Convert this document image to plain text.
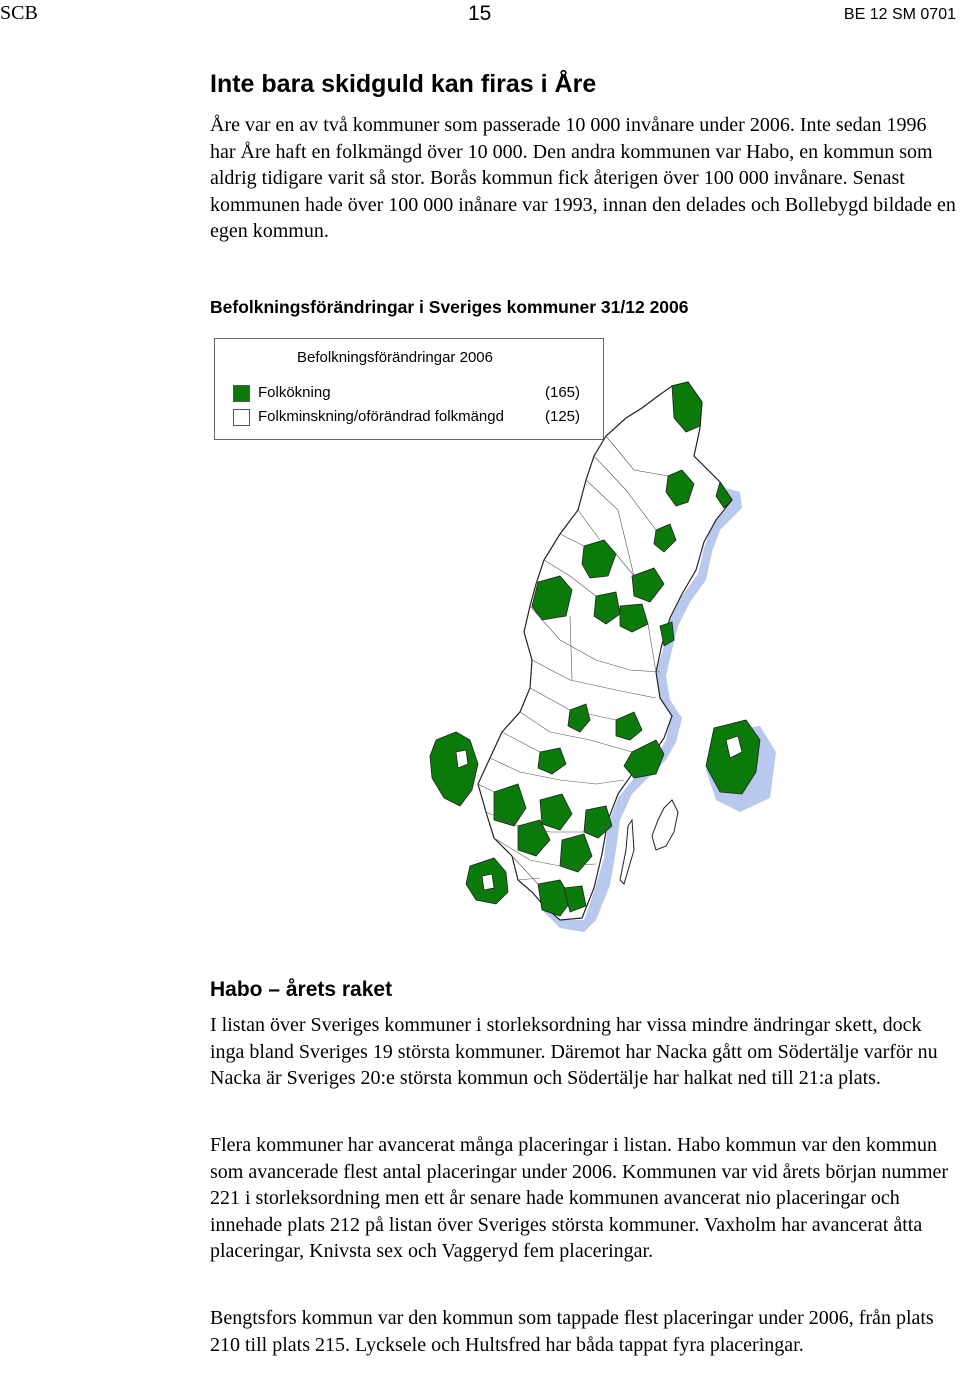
SCB	15	BE 12 SM 0701
Inte bara skidguld kan firas i Åre

Åre var en av två kommuner som passerade 10 000 invånare under 2006. Inte sedan 1996 har Åre haft en folkmängd över 10 000. Den andra kommunen var Habo, en kommun som aldrig tidigare varit så stor. Borås kommun fick återigen över 100 000 invånare. Senast kommunen hade över 100 000 inånare var 1993, innan den delades och Bollebygd bildade en egen kommun.

Befolkningsförändringar i Sveriges kommuner 31/12 2006
Befolkningsförändringar 2006
Folkökning	(165)
Folkminskning/oförändrad folkmängd	(125)
Habo – årets raket

I listan över Sveriges kommuner i storleksordning har vissa mindre ändringar skett, dock inga bland Sveriges 19 största kommuner. Däremot har Nacka gått om Södertälje varför nu Nacka är Sveriges 20:e största kommun och Södertälje har halkat ned till 21:a plats.

Flera kommuner har avancerat många placeringar i listan. Habo kommun var den kommun som avancerade flest antal placeringar under 2006. Kommunen var vid årets början nummer 221 i storleksordning men ett år senare hade kommunen avancerat nio placeringar och innehade plats 212 på listan över Sveriges största kommuner. Vaxholm har avancerat åtta placeringar, Knivsta sex och Vaggeryd fem placeringar.

Bengtsfors kommun var den kommun som tappade flest placeringar under 2006, från plats 210 till plats 215. Lycksele och Hultsfred har båda tappat fyra placeringar.
